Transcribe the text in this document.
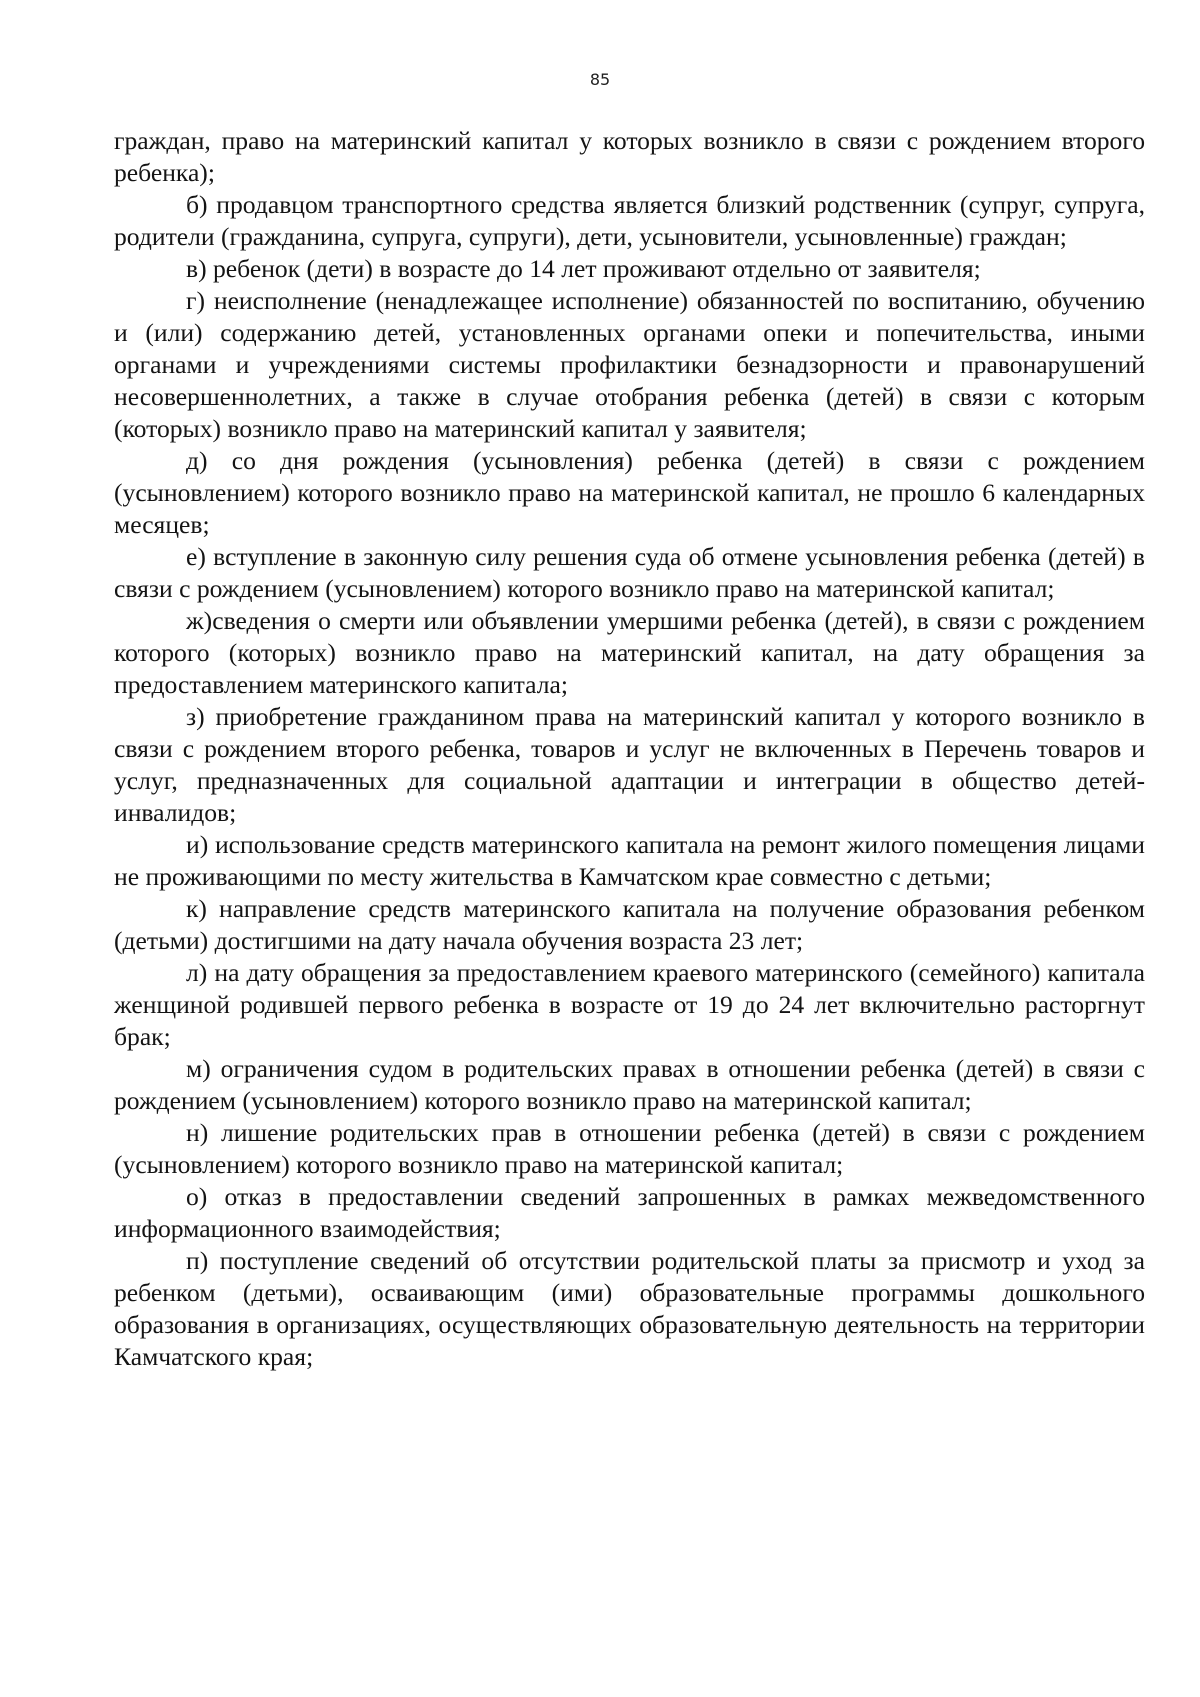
85

граждан, право на материнский капитал у которых возникло в связи с рождением второго ребенка);

б) продавцом транспортного средства является близкий родственник (супруг, супруга, родители (гражданина, супруга, супруги), дети, усыновители, усыновленные) граждан;

в) ребенок (дети) в возрасте до 14 лет проживают отдельно от заявителя;

г) неисполнение (ненадлежащее исполнение) обязанностей по воспитанию, обучению и (или) содержанию детей, установленных органами опеки и попечительства, иными органами и учреждениями системы профилактики безнадзорности и правонарушений несовершеннолетних, а также в случае отобрания ребенка (детей) в связи с которым (которых) возникло право на материнский капитал у заявителя;

д) со дня рождения (усыновления) ребенка (детей) в связи с рождением (усыновлением) которого возникло право на материнской капитал, не прошло 6 календарных месяцев;

е) вступление в законную силу решения суда об отмене усыновления ребенка (детей) в связи с рождением (усыновлением) которого возникло право на материнской капитал;

ж)сведения о смерти или объявлении умершими ребенка (детей), в связи с рождением которого (которых) возникло право на материнский капитал, на дату обращения за предоставлением материнского капитала;

з) приобретение гражданином права на материнский капитал у которого возникло в связи с рождением второго ребенка, товаров и услуг не включенных в Перечень товаров и услуг, предназначенных для социальной адаптации и интеграции в общество детей-инвалидов;

и) использование средств материнского капитала на ремонт жилого помещения лицами не проживающими по месту жительства в Камчатском крае совместно с детьми;

к) направление средств материнского капитала на получение образования ребенком (детьми) достигшими на дату начала обучения возраста 23 лет;

л) на дату обращения за предоставлением краевого материнского (семейного) капитала женщиной родившей первого ребенка в возрасте от 19 до 24 лет включительно расторгнут брак;

м) ограничения судом в родительских правах в отношении ребенка (детей) в связи с рождением (усыновлением) которого возникло право на материнской капитал;

н) лишение родительских прав в отношении ребенка (детей) в связи с рождением (усыновлением) которого возникло право на материнской капитал;

о) отказ в предоставлении сведений запрошенных в рамках межведомственного информационного взаимодействия;

п) поступление сведений об отсутствии родительской платы за присмотр и уход за ребенком (детьми), осваивающим (ими) образовательные программы дошкольного образования в организациях, осуществляющих образовательную деятельность на территории Камчатского края;
